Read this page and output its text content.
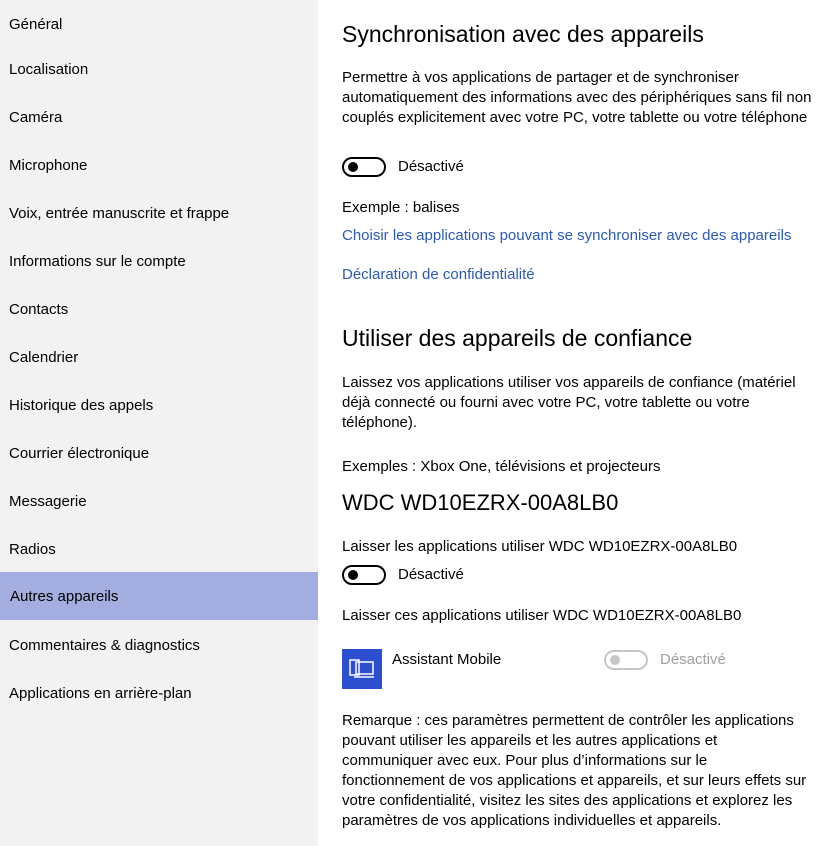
Général
Localisation
Caméra
Microphone
Voix, entrée manuscrite et frappe
Informations sur le compte
Contacts
Calendrier
Historique des appels
Courrier électronique
Messagerie
Radios
Autres appareils
Commentaires & diagnostics
Applications en arrière-plan
Synchronisation avec des appareils
Permettre à vos applications de partager et de synchroniser automatiquement des informations avec des périphériques sans fil non couplés explicitement avec votre PC, votre tablette ou votre téléphone
Désactivé
Exemple : balises
Choisir les applications pouvant se synchroniser avec des appareils
Déclaration de confidentialité
Utiliser des appareils de confiance
Laissez vos applications utiliser vos appareils de confiance (matériel déjà connecté ou fourni avec votre PC, votre tablette ou votre téléphone).
Exemples : Xbox One, télévisions et projecteurs
WDC WD10EZRX-00A8LB0
Laisser les applications utiliser WDC WD10EZRX-00A8LB0
Désactivé
Laisser ces applications utiliser WDC WD10EZRX-00A8LB0
Assistant Mobile	Désactivé
Remarque : ces paramètres permettent de contrôler les applications pouvant utiliser les appareils et les autres applications et communiquer avec eux. Pour plus d’informations sur le fonctionnement de vos applications et appareils, et sur leurs effets sur votre confidentialité, visitez les sites des applications et explorez les paramètres de vos applications individuelles et appareils.
